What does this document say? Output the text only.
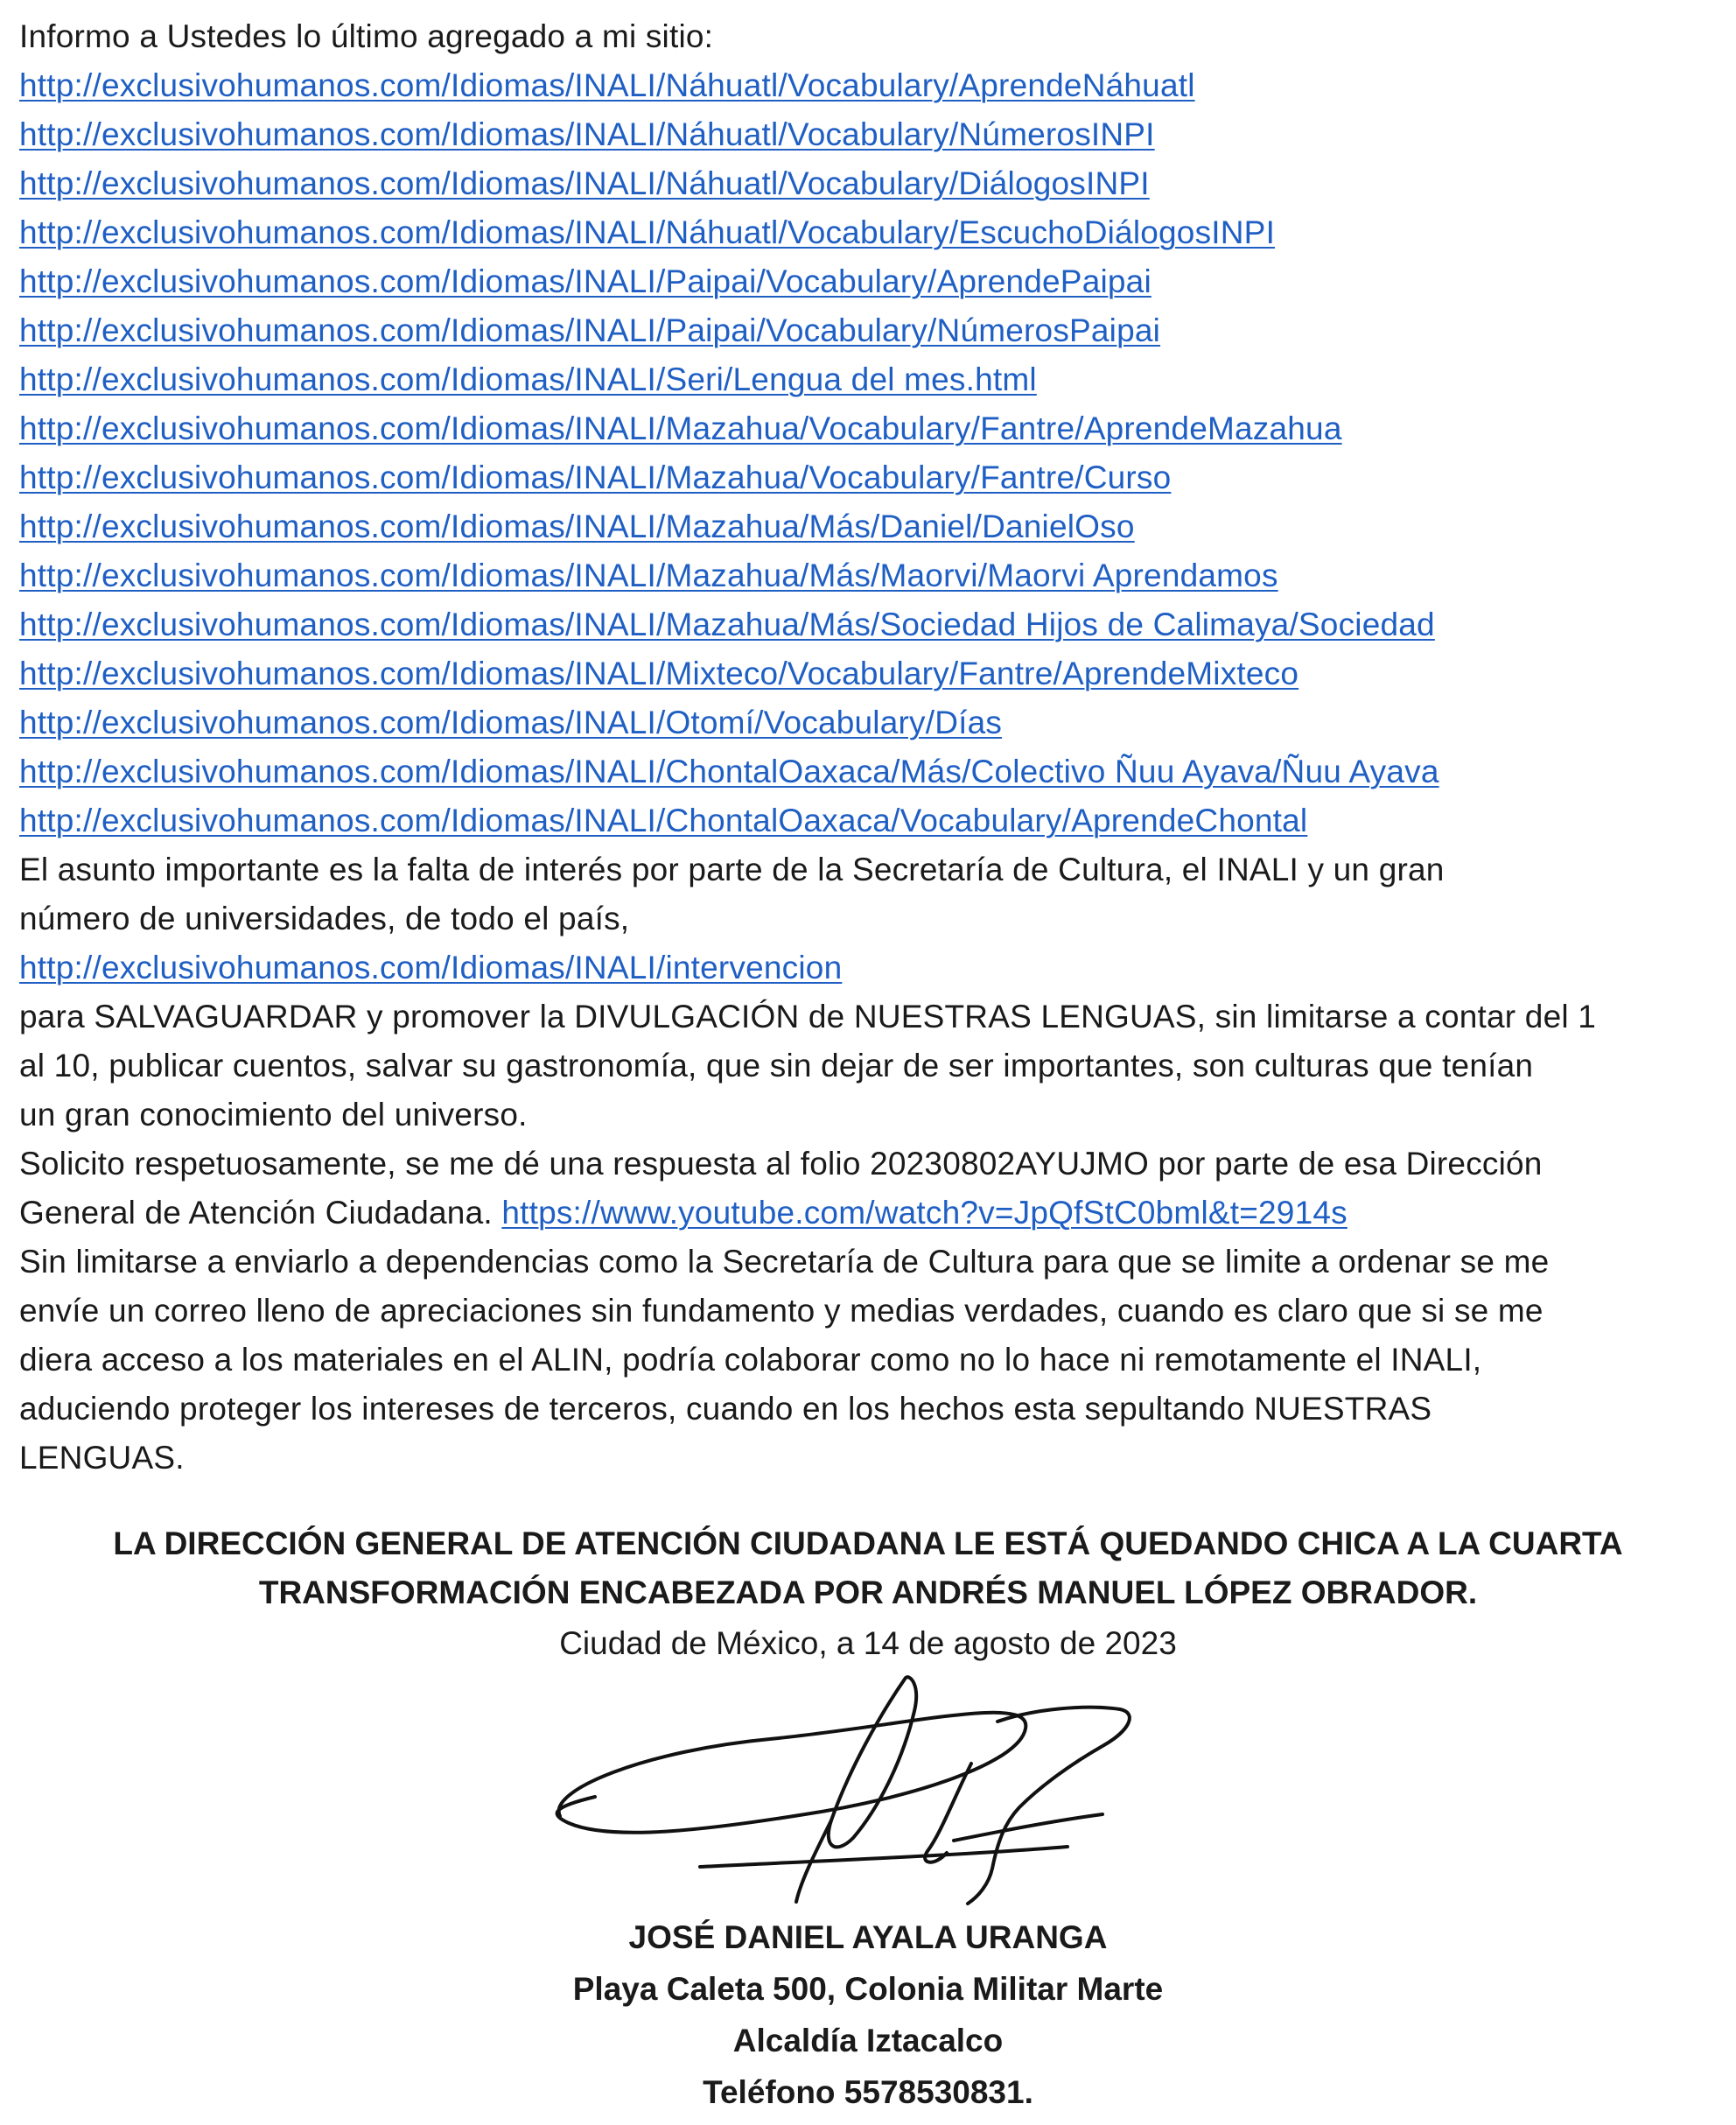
Informo a Ustedes lo último agregado a mi sitio:
http://exclusivohumanos.com/Idiomas/INALI/Náhuatl/Vocabulary/AprendeNáhuatl
http://exclusivohumanos.com/Idiomas/INALI/Náhuatl/Vocabulary/NúmerosINPI
http://exclusivohumanos.com/Idiomas/INALI/Náhuatl/Vocabulary/DiálogosINPI
http://exclusivohumanos.com/Idiomas/INALI/Náhuatl/Vocabulary/EscuchoDiálogosINPI
http://exclusivohumanos.com/Idiomas/INALI/Paipai/Vocabulary/AprendePaipai
http://exclusivohumanos.com/Idiomas/INALI/Paipai/Vocabulary/NúmerosPaipai
http://exclusivohumanos.com/Idiomas/INALI/Seri/Lengua del mes.html
http://exclusivohumanos.com/Idiomas/INALI/Mazahua/Vocabulary/Fantre/AprendeMazahua
http://exclusivohumanos.com/Idiomas/INALI/Mazahua/Vocabulary/Fantre/Curso
http://exclusivohumanos.com/Idiomas/INALI/Mazahua/Más/Daniel/DanielOso
http://exclusivohumanos.com/Idiomas/INALI/Mazahua/Más/Maorvi/Maorvi Aprendamos
http://exclusivohumanos.com/Idiomas/INALI/Mazahua/Más/Sociedad Hijos de Calimaya/Sociedad
http://exclusivohumanos.com/Idiomas/INALI/Mixteco/Vocabulary/Fantre/AprendeMixteco
http://exclusivohumanos.com/Idiomas/INALI/Otomí/Vocabulary/Días
http://exclusivohumanos.com/Idiomas/INALI/ChontalOaxaca/Más/Colectivo Ñuu Ayava/Ñuu Ayava
http://exclusivohumanos.com/Idiomas/INALI/ChontalOaxaca/Vocabulary/AprendeChontal
El asunto importante es la falta de interés por parte de la Secretaría de Cultura, el INALI y un gran
número de universidades, de todo el país,
http://exclusivohumanos.com/Idiomas/INALI/intervencion
para SALVAGUARDAR y promover la DIVULGACIÓN de NUESTRAS LENGUAS, sin limitarse a contar del 1
al 10, publicar cuentos, salvar su gastronomía, que sin dejar de ser importantes, son culturas que tenían
un gran conocimiento del universo.
Solicito respetuosamente, se me dé una respuesta al folio 20230802AYUJMO por parte de esa Dirección
General de Atención Ciudadana. https://www.youtube.com/watch?v=JpQfStC0bml&t=2914s
Sin limitarse a enviarlo a dependencias como la Secretaría de Cultura para que se limite a ordenar se me
envíe un correo lleno de apreciaciones sin fundamento y medias verdades, cuando es claro que si se me
diera acceso a los materiales en el ALIN, podría colaborar como no lo hace ni remotamente el INALI,
aduciendo proteger los intereses de terceros, cuando en los hechos esta sepultando NUESTRAS
LENGUAS.
LA DIRECCIÓN GENERAL DE ATENCIÓN CIUDADANA LE ESTÁ QUEDANDO CHICA A LA CUARTA
TRANSFORMACIÓN ENCABEZADA POR ANDRÉS MANUEL LÓPEZ OBRADOR.
Ciudad de México, a 14 de agosto de 2023
JOSÉ DANIEL AYALA URANGA
Playa Caleta 500, Colonia Militar Marte
Alcaldía Iztacalco
Teléfono 5578530831.
